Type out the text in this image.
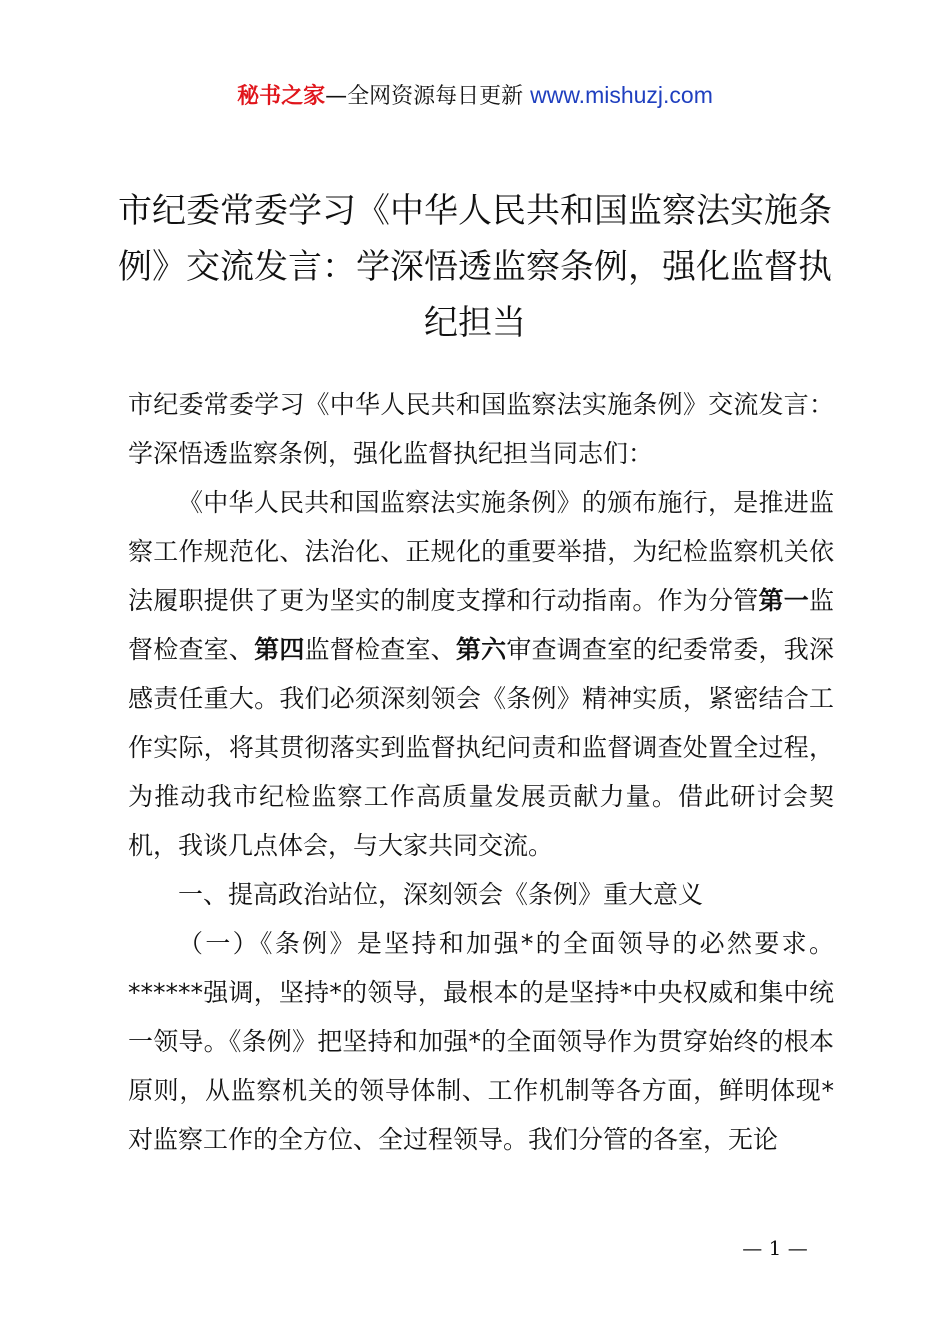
秘书之家—全网资源每日更新 www.mishuzj.com
市纪委常委学习《中华人民共和国监察法实施条例》交流发言：学深悟透监察条例，强化监督执纪担当

市纪委常委学习《中华人民共和国监察法实施条例》交流发言：学深悟透监察条例，强化监督执纪担当同志们：

《中华人民共和国监察法实施条例》的颁布施行，是推进监察工作规范化、法治化、正规化的重要举措，为纪检监察机关依法履职提供了更为坚实的制度支撑和行动指南。作为分管第一监督检查室、第四监督检查室、第六审查调查室的纪委常委，我深感责任重大。我们必须深刻领会《条例》精神实质，紧密结合工作实际，将其贯彻落实到监督执纪问责和监督调查处置全过程，为推动我市纪检监察工作高质量发展贡献力量。借此研讨会契机，我谈几点体会，与大家共同交流。

一、提高政治站位，深刻领会《条例》重大意义

（一）《条例》是坚持和加强*的全面领导的必然要求。******强调，坚持*的领导，最根本的是坚持*中央权威和集中统一领导。《条例》把坚持和加强*的全面领导作为贯穿始终的根本原则，从监察机关的领导体制、工作机制等各方面，鲜明体现*对监察工作的全方位、全过程领导。我们分管的各室，无论

— 1 —
